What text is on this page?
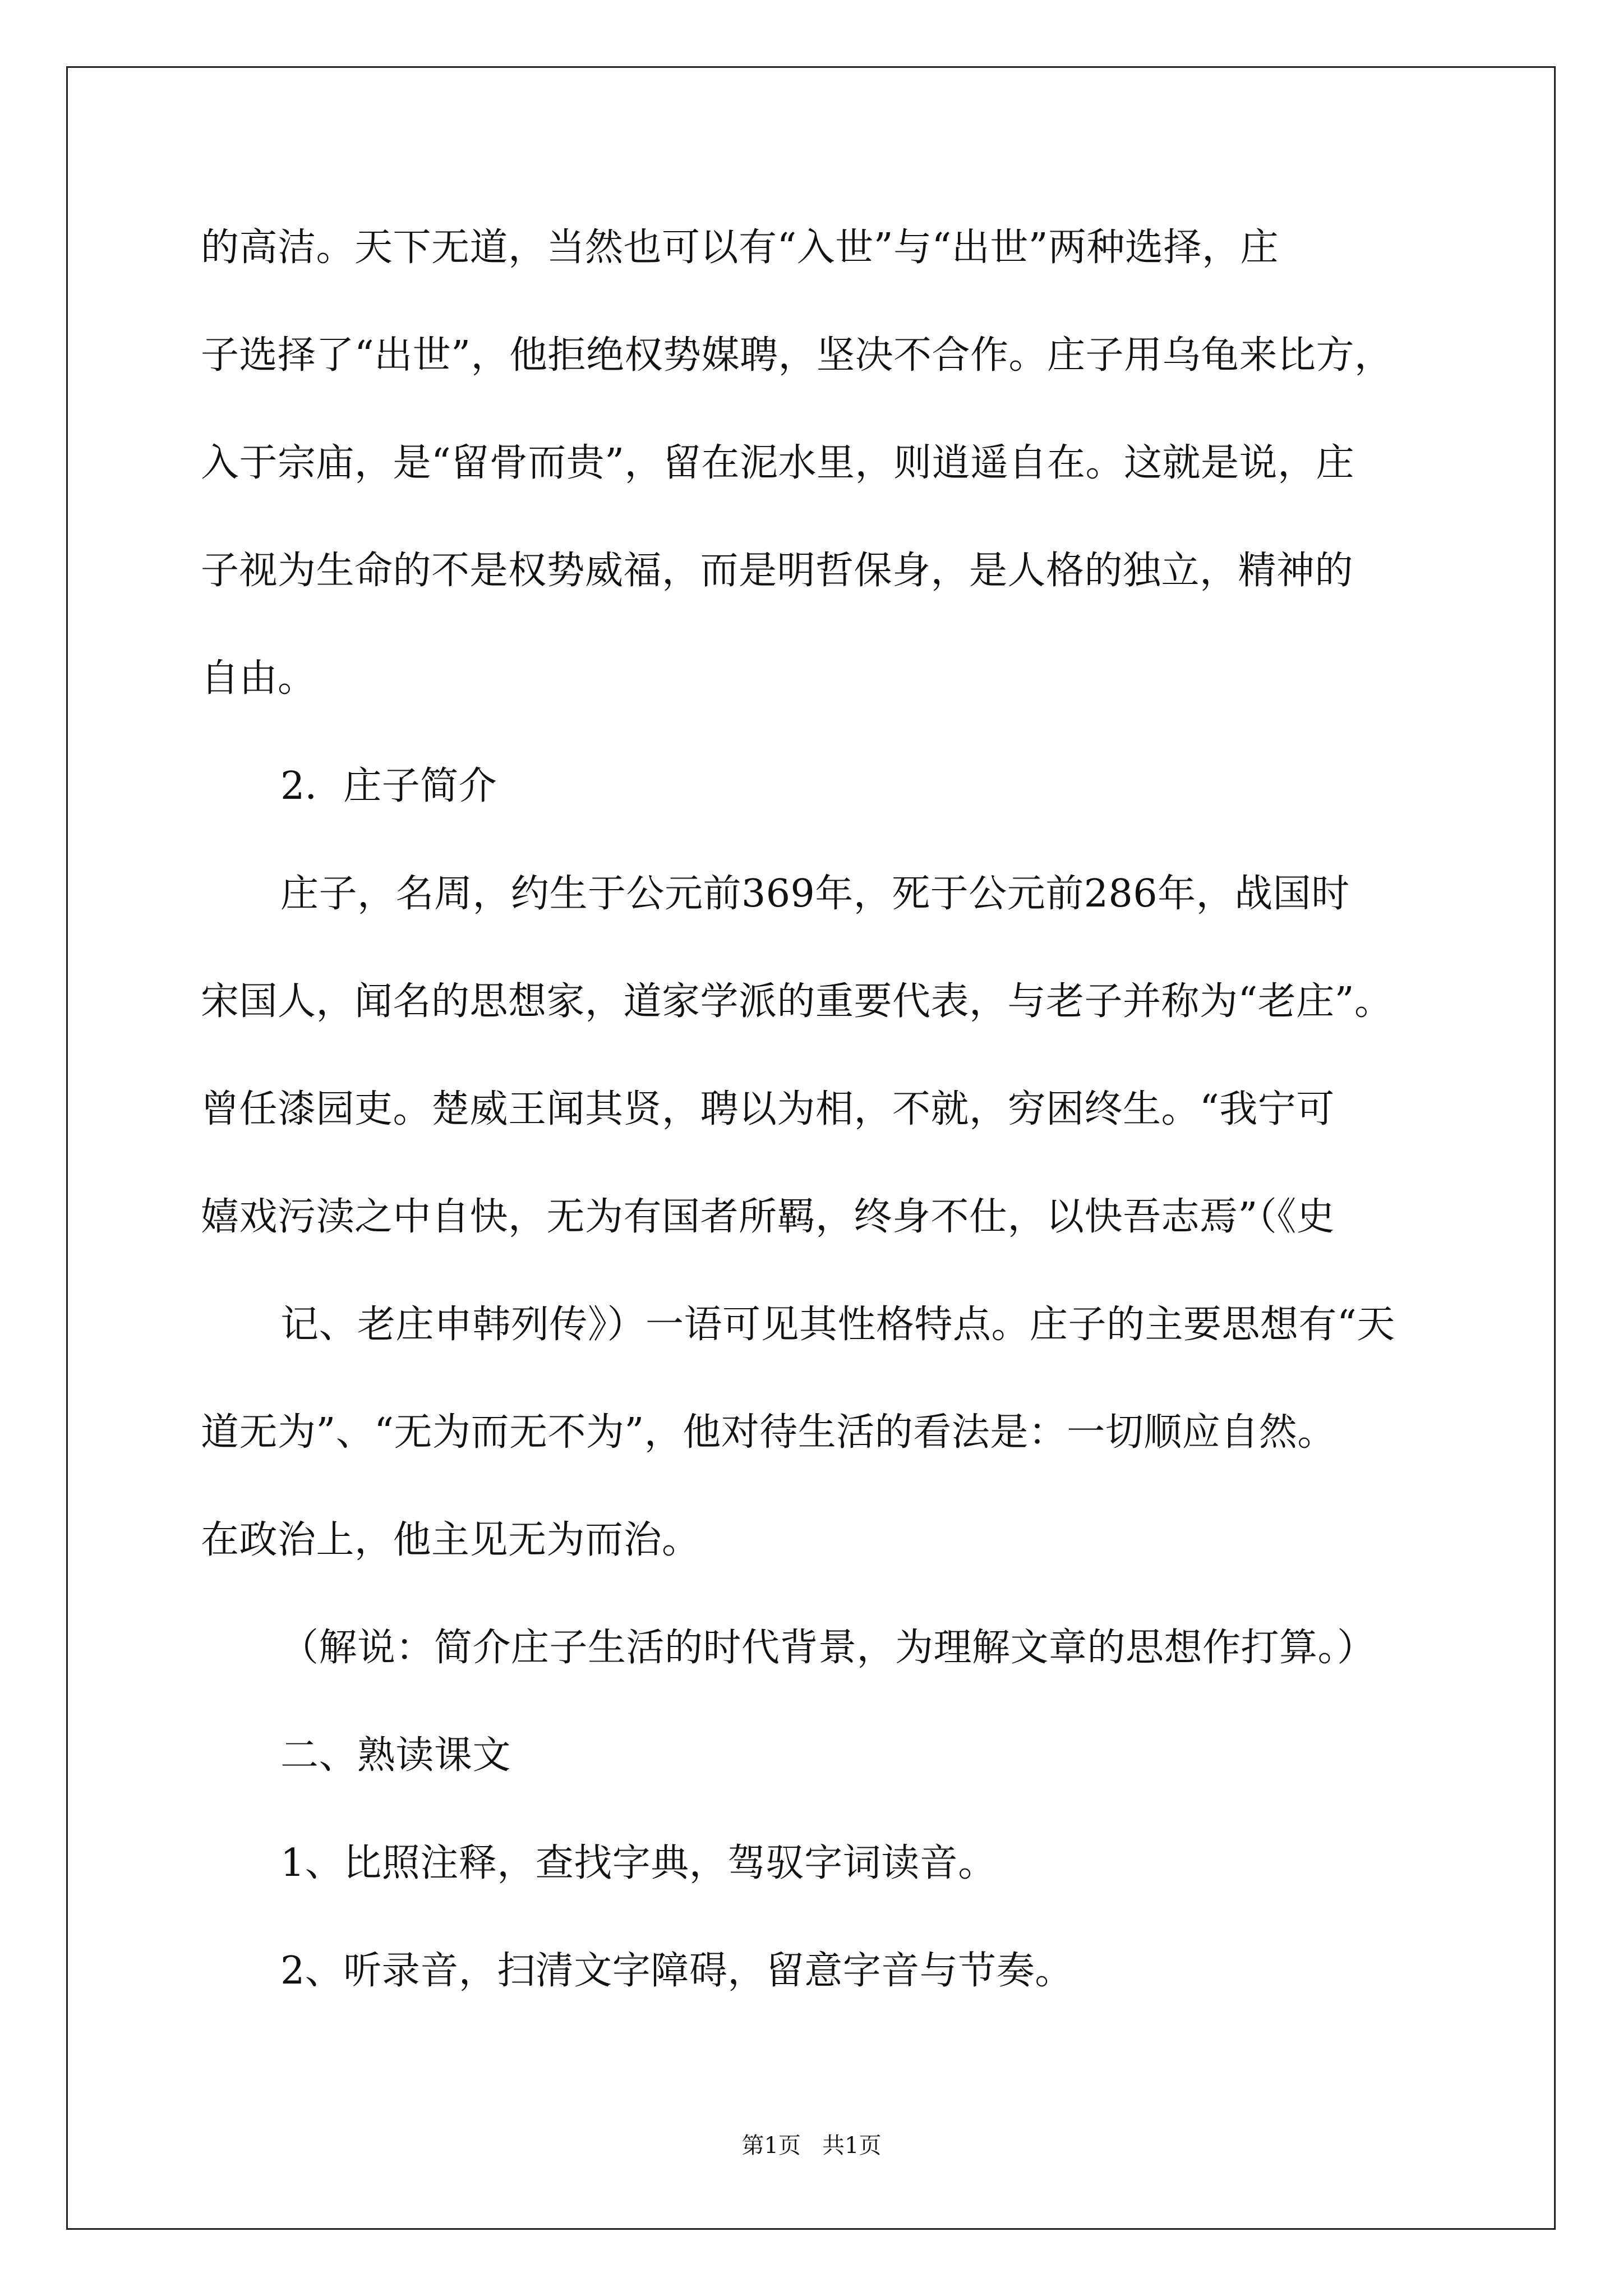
的高洁。天下无道，当然也可以有“入世”与“出世”两种选择，庄
子选择了“出世”，他拒绝权势媒聘，坚决不合作。庄子用乌龟来比方，
入于宗庙，是“留骨而贵”，留在泥水里，则逍遥自在。这就是说，庄
子视为生命的不是权势威福，而是明哲保身，是人格的独立，精神的
自由。
2．庄子简介
庄子，名周，约生于公元前369年，死于公元前286年，战国时
宋国人，闻名的思想家，道家学派的重要代表，与老子并称为“老庄”。
曾任漆园吏。楚威王闻其贤，聘以为相，不就，穷困终生。“我宁可
嬉戏污渎之中自快，无为有国者所羁，终身不仕，以快吾志焉”（《史
记、老庄申韩列传》）一语可见其性格特点。庄子的主要思想有“天
道无为”、“无为而无不为”，他对待生活的看法是：一切顺应自然。
在政治上，他主见无为而治。
（解说：简介庄子生活的时代背景，为理解文章的思想作打算。）
二、熟读课文
1、比照注释，查找字典，驾驭字词读音。
2、听录音，扫清文字障碍，留意字音与节奏。
第1页   共1页
